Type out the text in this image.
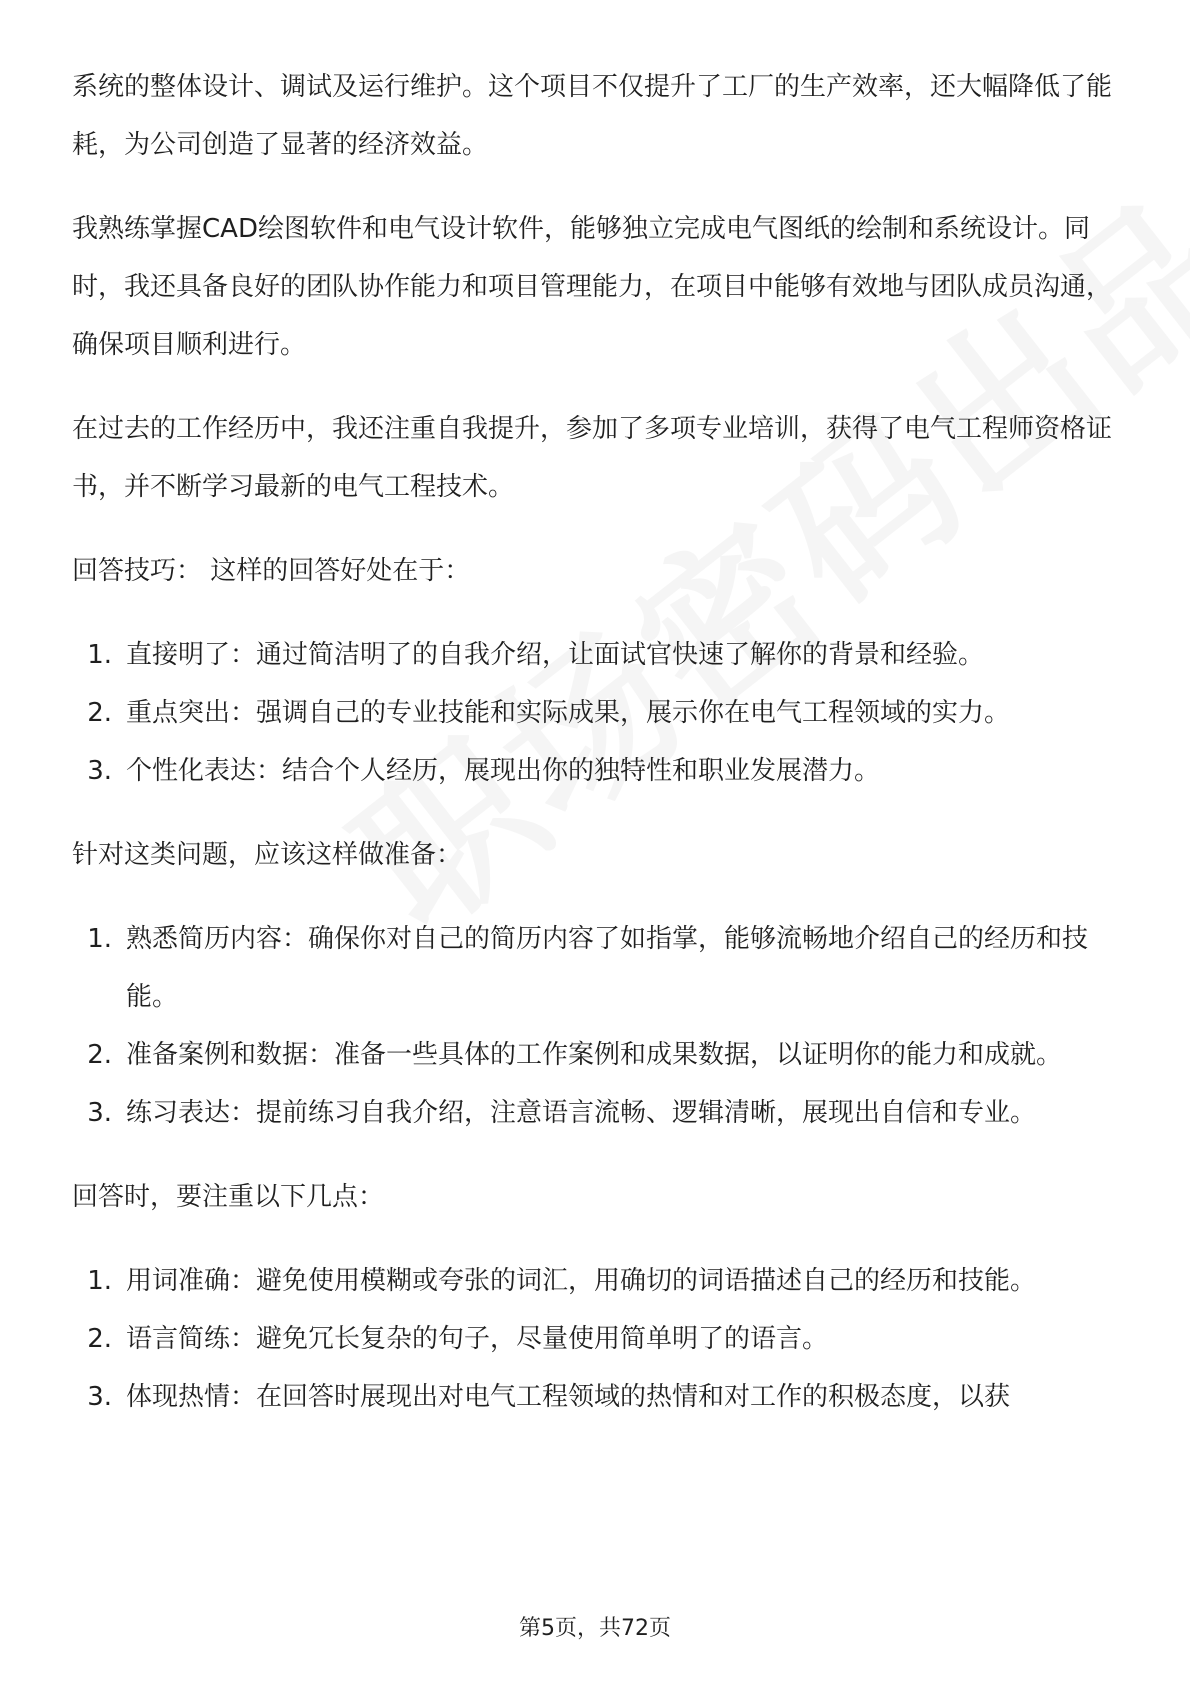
系统的整体设计、调试及运行维护。这个项目不仅提升了工厂的生产效率，还大幅降低了能耗，为公司创造了显著的经济效益。

我熟练掌握CAD绘图软件和电气设计软件，能够独立完成电气图纸的绘制和系统设计。同时，我还具备良好的团队协作能力和项目管理能力，在项目中能够有效地与团队成员沟通，确保项目顺利进行。

在过去的工作经历中，我还注重自我提升，参加了多项专业培训，获得了电气工程师资格证书，并不断学习最新的电气工程技术。

回答技巧： 这样的回答好处在于：

1. 直接明了：通过简洁明了的自我介绍，让面试官快速了解你的背景和经验。
2. 重点突出：强调自己的专业技能和实际成果，展示你在电气工程领域的实力。
3. 个性化表达：结合个人经历，展现出你的独特性和职业发展潜力。

针对这类问题，应该这样做准备：

1. 熟悉简历内容：确保你对自己的简历内容了如指掌，能够流畅地介绍自己的经历和技能。
2. 准备案例和数据：准备一些具体的工作案例和成果数据，以证明你的能力和成就。
3. 练习表达：提前练习自我介绍，注意语言流畅、逻辑清晰，展现出自信和专业。

回答时，要注重以下几点：

1. 用词准确：避免使用模糊或夸张的词汇，用确切的词语描述自己的经历和技能。
2. 语言简练：避免冗长复杂的句子，尽量使用简单明了的语言。
3. 体现热情：在回答时展现出对电气工程领域的热情和对工作的积极态度，以获
第5页，共72页
